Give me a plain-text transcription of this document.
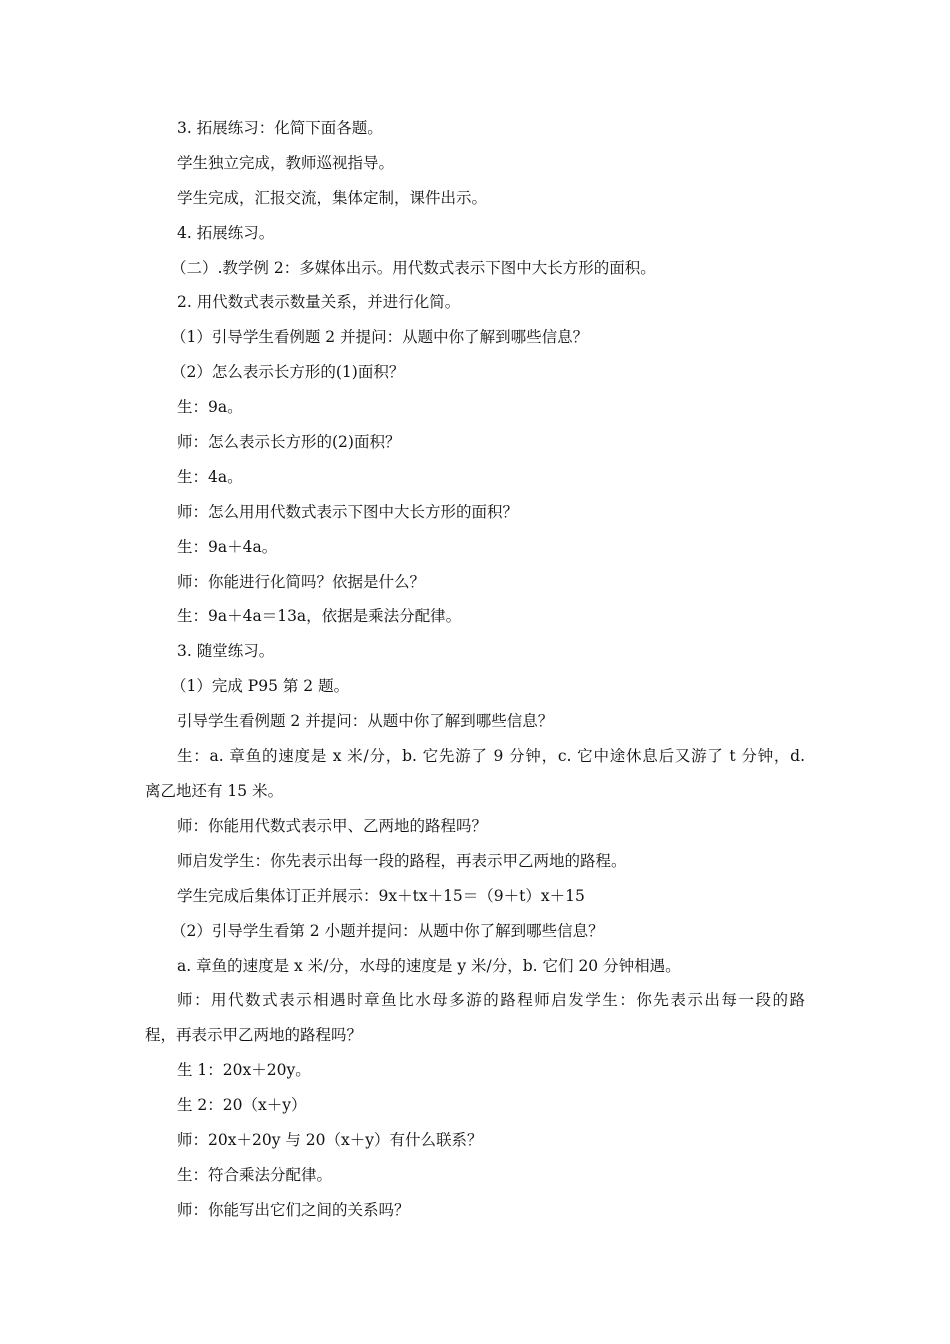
3. 拓展练习：化简下面各题。
学生独立完成，教师巡视指导。
学生完成，汇报交流，集体定制，课件出示。
4. 拓展练习。
（二）.教学例 2：多媒体出示。用代数式表示下图中大长方形的面积。
2. 用代数式表示数量关系，并进行化简。
（1）引导学生看例题 2 并提问：从题中你了解到哪些信息？
（2）怎么表示长方形的(1)面积？
生：9a。
师：怎么表示长方形的(2)面积？
生：4a。
师：怎么用用代数式表示下图中大长方形的面积？
生：9a＋4a。
师：你能进行化简吗？依据是什么？
生：9a＋4a＝13a，依据是乘法分配律。
3. 随堂练习。
（1）完成 P95 第 2 题。
引导学生看例题 2 并提问：从题中你了解到哪些信息？
生：a. 章鱼的速度是 x 米/分，b. 它先游了 9 分钟，c. 它中途休息后又游了 t 分钟，d.
离乙地还有 15 米。
师：你能用代数式表示甲、乙两地的路程吗？
师启发学生：你先表示出每一段的路程，再表示甲乙两地的路程。
学生完成后集体订正并展示：9x＋tx＋15＝（9＋t）x＋15
（2）引导学生看第 2 小题并提问：从题中你了解到哪些信息？
a. 章鱼的速度是 x 米/分，水母的速度是 y 米/分，b. 它们 20 分钟相遇。
师：用代数式表示相遇时章鱼比水母多游的路程师启发学生：你先表示出每一段的路
程，再表示甲乙两地的路程吗？
生 1：20x＋20y。
生 2：20（x＋y）
师：20x＋20y 与 20（x＋y）有什么联系？
生：符合乘法分配律。
师：你能写出它们之间的关系吗？
